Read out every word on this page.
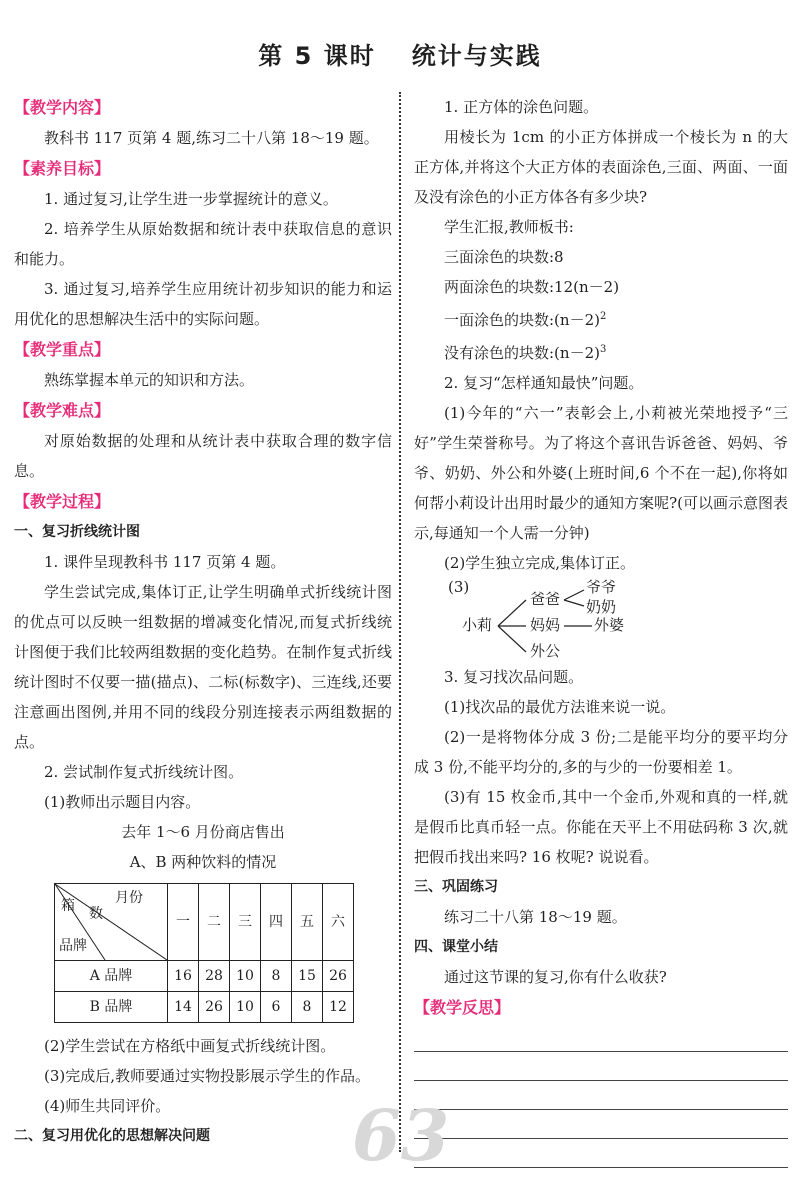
第 5 课时 统计与实践

【教学内容】

教科书 117 页第 4 题,练习二十八第 18～19 题。

【素养目标】

1. 通过复习,让学生进一步掌握统计的意义。

2. 培养学生从原始数据和统计表中获取信息的意识和能力。

3. 通过复习,培养学生应用统计初步知识的能力和运用优化的思想解决生活中的实际问题。

【教学重点】

熟练掌握本单元的知识和方法。

【教学难点】

对原始数据的处理和从统计表中获取合理的数字信息。

【教学过程】

一、复习折线统计图

1. 课件呈现教科书 117 页第 4 题。

学生尝试完成,集体订正,让学生明确单式折线统计图的优点可以反映一组数据的增减变化情况,而复式折线统计图便于我们比较两组数据的变化趋势。在制作复式折线统计图时不仅要一描(描点)、二标(标数字)、三连线,还要注意画出图例,并用不同的线段分别连接表示两组数据的点。

2. 尝试制作复式折线统计图。

(1)教师出示题目内容。

去年 1～6 月份商店售出

A、B 两种饮料的情况

月份
数
箱
品牌	一	二	三	四	五	六
A 品牌	16	28	10	8	15	26
B 品牌	14	26	10	6	8	12

(2)学生尝试在方格纸中画复式折线统计图。

(3)完成后,教师要通过实物投影展示学生的作品。

(4)师生共同评价。

二、复习用优化的思想解决问题

1. 正方体的涂色问题。

用棱长为 1cm 的小正方体拼成一个棱长为 n 的大正方体,并将这个大正方体的表面涂色,三面、两面、一面及没有涂色的小正方体各有多少块?

学生汇报,教师板书:

三面涂色的块数:8

两面涂色的块数:12(n－2)

一面涂色的块数$:(n-2)^2$

没有涂色的块数$:(n-2)^3$

2. 复习“怎样通知最快”问题。

(1)今年的“六一”表彰会上,小莉被光荣地授予“三好”学生荣誉称号。为了将这个喜讯告诉爸爸、妈妈、爷爷、奶奶、外公和外婆(上班时间,6 个不在一起),你将如何帮小莉设计出用时最少的通知方案呢?(可以画示意图表示,每通知一个人需一分钟)

(2)学生独立完成,集体订正。

(3)
小莉
爸爸
妈妈
外公
爷爷
奶奶
外婆

3. 复习找次品问题。

(1)找次品的最优方法谁来说一说。

(2)一是将物体分成 3 份;二是能平均分的要平均分成 3 份,不能平均分的,多的与少的一份要相差 1。

(3)有 15 枚金币,其中一个金币,外观和真的一样,就是假币比真币轻一点。你能在天平上不用砝码称 3 次,就把假币找出来吗? 16 枚呢? 说说看。

三、巩固练习

练习二十八第 18～19 题。

四、课堂小结

通过这节课的复习,你有什么收获?

【教学反思】

63
